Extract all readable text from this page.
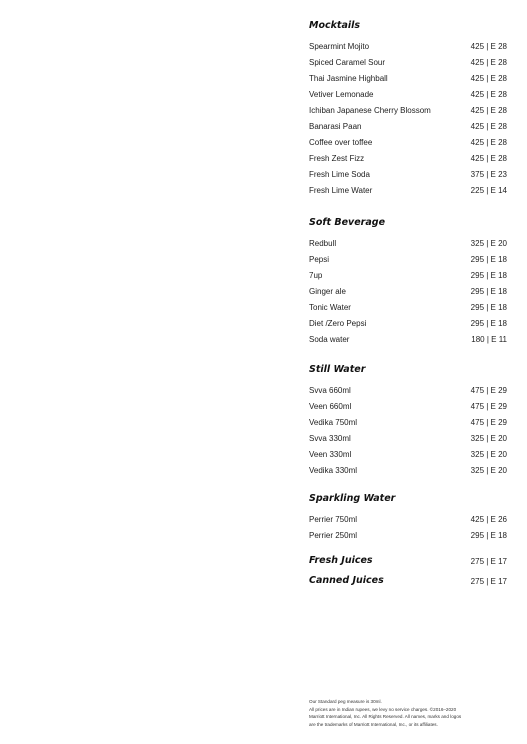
Mocktails
Spearmint Mojito	425 | E 28
Spiced Caramel Sour	425 | E 28
Thai Jasmine Highball	425 | E 28
Vetiver Lemonade	425 | E 28
Ichiban Japanese Cherry Blossom	425 | E 28
Banarasi Paan	425 | E 28
Coffee over toffee	425 | E 28
Fresh Zest Fizz	425 | E 28
Fresh Lime Soda	375 | E 23
Fresh Lime Water	225 | E 14
Soft Beverage
Redbull	325 | E 20
Pepsi	295 | E 18
7up	295 | E 18
Ginger ale	295 | E 18
Tonic Water	295 | E 18
Diet /Zero Pepsi	295 | E 18
Soda water	180 | E 11
Still Water
Svva 660ml	475 | E 29
Veen 660ml	475 | E 29
Vedika 750ml	475 | E 29
Svva 330ml	325 | E 20
Veen 330ml	325 | E 20
Vedika 330ml	325 | E 20
Sparkling Water
Perrier 750ml	425 | E 26
Perrier 250ml	295 | E 18
Fresh Juices	275 | E 17
Canned Juices	275 | E 17
Our Standard peg measure is 30ml.
All prices are in Indian rupees, we levy no service charges. ©2016–2020
Marriott International, Inc. All Rights Reserved. All names, marks and logos
are the trademarks of Marriott International, Inc., or its affiliates.
